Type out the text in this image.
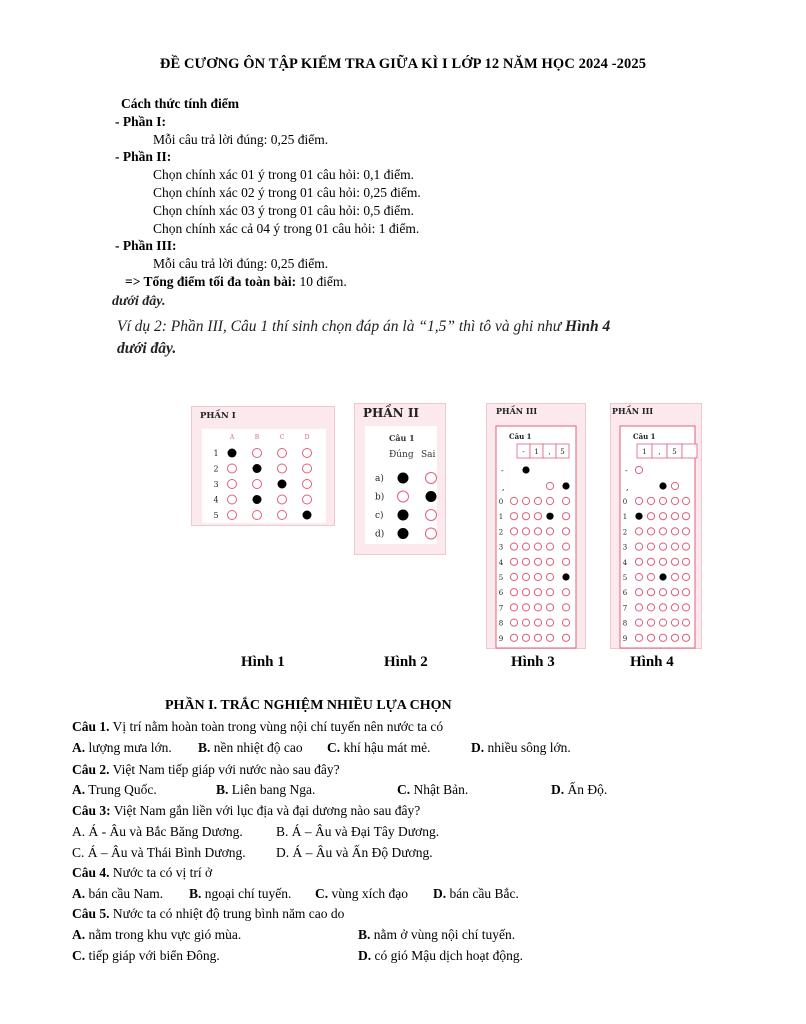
ĐỀ CƯƠNG ÔN TẬP KIỂM TRA GIỮA KÌ I LỚP 12 NĂM HỌC 2024 -2025
Cách thức tính điểm
- Phần I:
Mỗi câu trả lời đúng: 0,25 điểm.
- Phần II:
Chọn chính xác 01 ý trong 01 câu hỏi: 0,1 điểm.
Chọn chính xác 02 ý trong 01 câu hỏi: 0,25 điểm.
Chọn chính xác 03 ý trong 01 câu hỏi: 0,5 điểm.
Chọn chính xác cả 04 ý trong 01 câu hỏi: 1 điểm.
- Phần III:
Mỗi câu trả lời đúng: 0,25 điểm.
=> Tổng điểm tối đa toàn bài: 10 điểm.
dưới đây.
Ví dụ 2: Phần III, Câu 1 thí sinh chọn đáp án là “1,5” thì tô và ghi như Hình 4
dưới đây.
PHẦN I
A	B	C	D
1
2
3
4
5
Hình 1
PHẦN II
Câu 1
Đúng Sai
a)
b)
c)
d)
Hình 2
PHẦN III
Câu 1
- 1 , 5
-
,
0
1
2
3
4
5
6
7
8
9
Hình 3
PHẦN III
Câu 1
1 , 5
-
,
0
1
2
3
4
5
6
7
8
9
Hình 4
PHẦN I. TRẮC NGHIỆM NHIỀU LỰA CHỌN
Câu 1. Vị trí nằm hoàn toàn trong vùng nội chí tuyến nên nước ta có
A. lượng mưa lớn. B. nền nhiệt độ cao C. khí hậu mát mẻ.	D. nhiều sông lớn.
Câu 2. Việt Nam tiếp giáp với nước nào sau đây?
A. Trung Quốc.	B. Liên bang Nga.	C. Nhật Bản.	D. Ấn Độ.
Câu 3: Việt Nam gắn liền với lục địa và đại dương nào sau đây?
A. Á - Âu và Bắc Băng Dương. B. Á – Âu và Đại Tây Dương.
C. Á – Âu và Thái Bình Dương. D. Á – Âu và Ấn Độ Dương.
Câu 4. Nước ta có vị trí ở
A. bán cầu Nam. B. ngoại chí tuyến. C. vùng xích đạo D. bán cầu Bắc.
Câu 5. Nước ta có nhiệt độ trung bình năm cao do
A. nằm trong khu vực gió mùa.	B. nằm ở vùng nội chí tuyến.
C. tiếp giáp với biển Đông.	D. có gió Mậu dịch hoạt động.
